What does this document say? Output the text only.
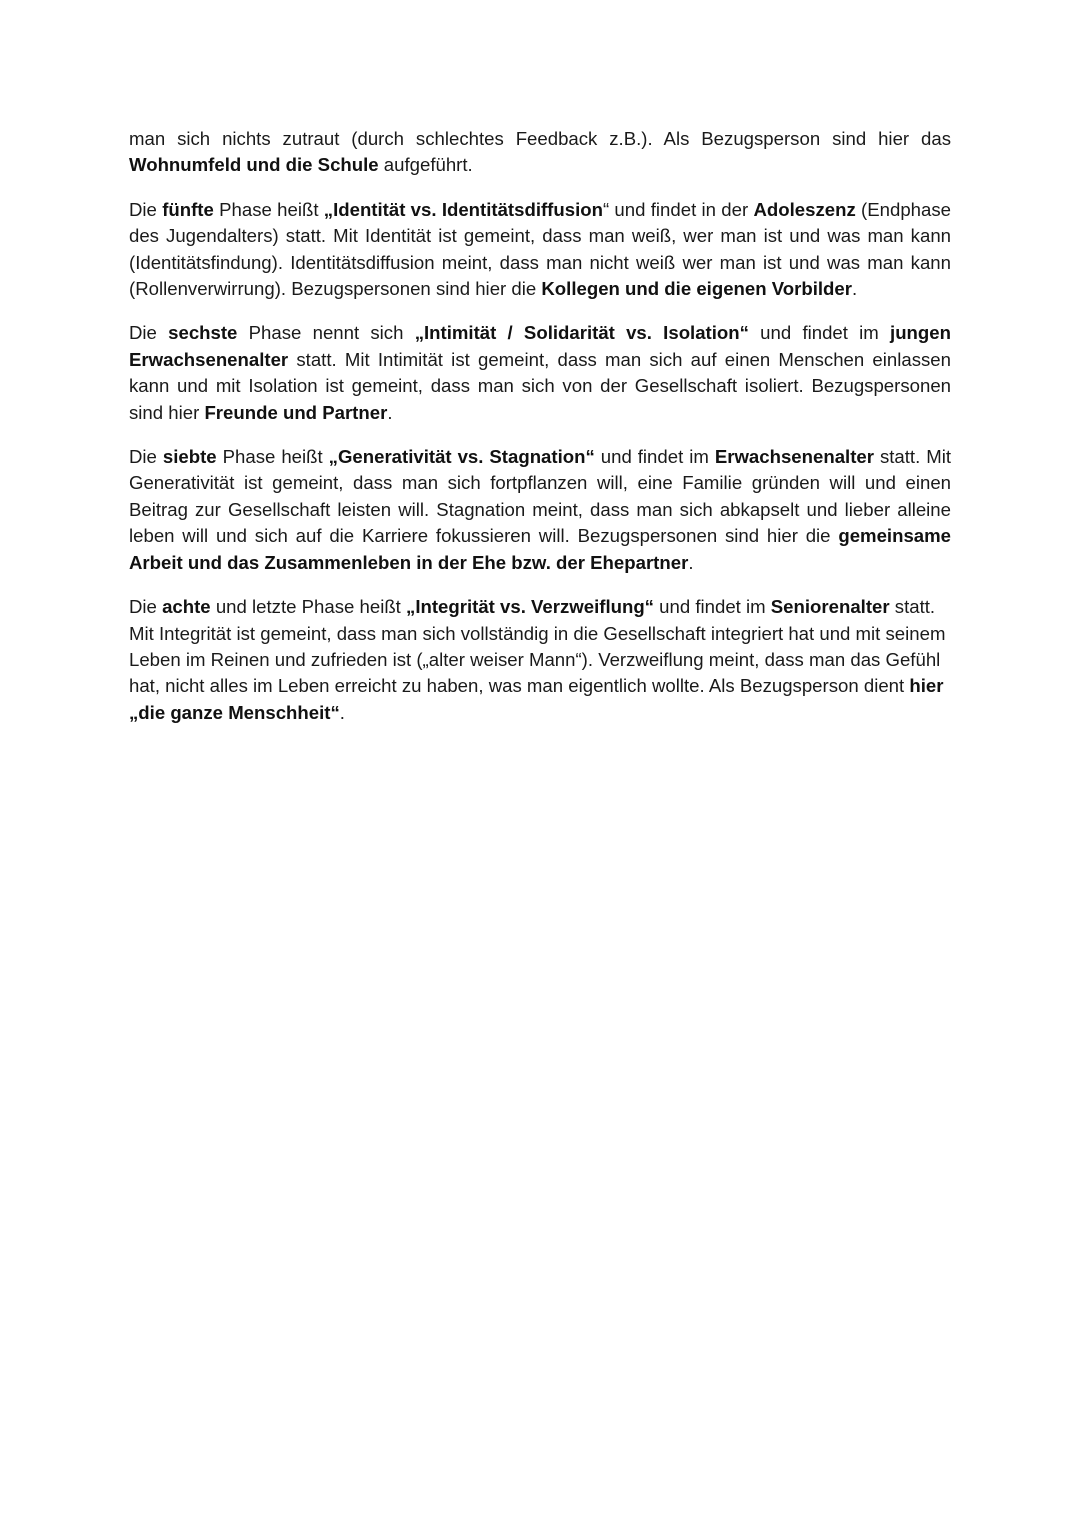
man sich nichts zutraut (durch schlechtes Feedback z.B.). Als Bezugsperson sind hier das Wohnumfeld und die Schule aufgeführt.

Die fünfte Phase heißt „Identität vs. Identitätsdiffusion“ und findet in der Adoleszenz (Endphase des Jugendalters) statt. Mit Identität ist gemeint, dass man weiß, wer man ist und was man kann (Identitätsfindung). Identitätsdiffusion meint, dass man nicht weiß wer man ist und was man kann (Rollenverwirrung). Bezugspersonen sind hier die Kollegen und die eigenen Vorbilder.

Die sechste Phase nennt sich „Intimität / Solidarität vs. Isolation“ und findet im jungen Erwachsenenalter statt. Mit Intimität ist gemeint, dass man sich auf einen Menschen einlassen kann und mit Isolation ist gemeint, dass man sich von der Gesellschaft isoliert. Bezugspersonen sind hier Freunde und Partner.

Die siebte Phase heißt „Generativität vs. Stagnation“ und findet im Erwachsenenalter statt. Mit Generativität ist gemeint, dass man sich fortpflanzen will, eine Familie gründen will und einen Beitrag zur Gesellschaft leisten will. Stagnation meint, dass man sich abkapselt und lieber alleine leben will und sich auf die Karriere fokussieren will. Bezugspersonen sind hier die gemeinsame Arbeit und das Zusammenleben in der Ehe bzw. der Ehepartner.

Die achte und letzte Phase heißt „Integrität vs. Verzweiflung“ und findet im Seniorenalter statt. Mit Integrität ist gemeint, dass man sich vollständig in die Gesellschaft integriert hat und mit seinem Leben im Reinen und zufrieden ist („alter weiser Mann“). Verzweiflung meint, dass man das Gefühl hat, nicht alles im Leben erreicht zu haben, was man eigentlich wollte. Als Bezugsperson dient hier „die ganze Menschheit“.
